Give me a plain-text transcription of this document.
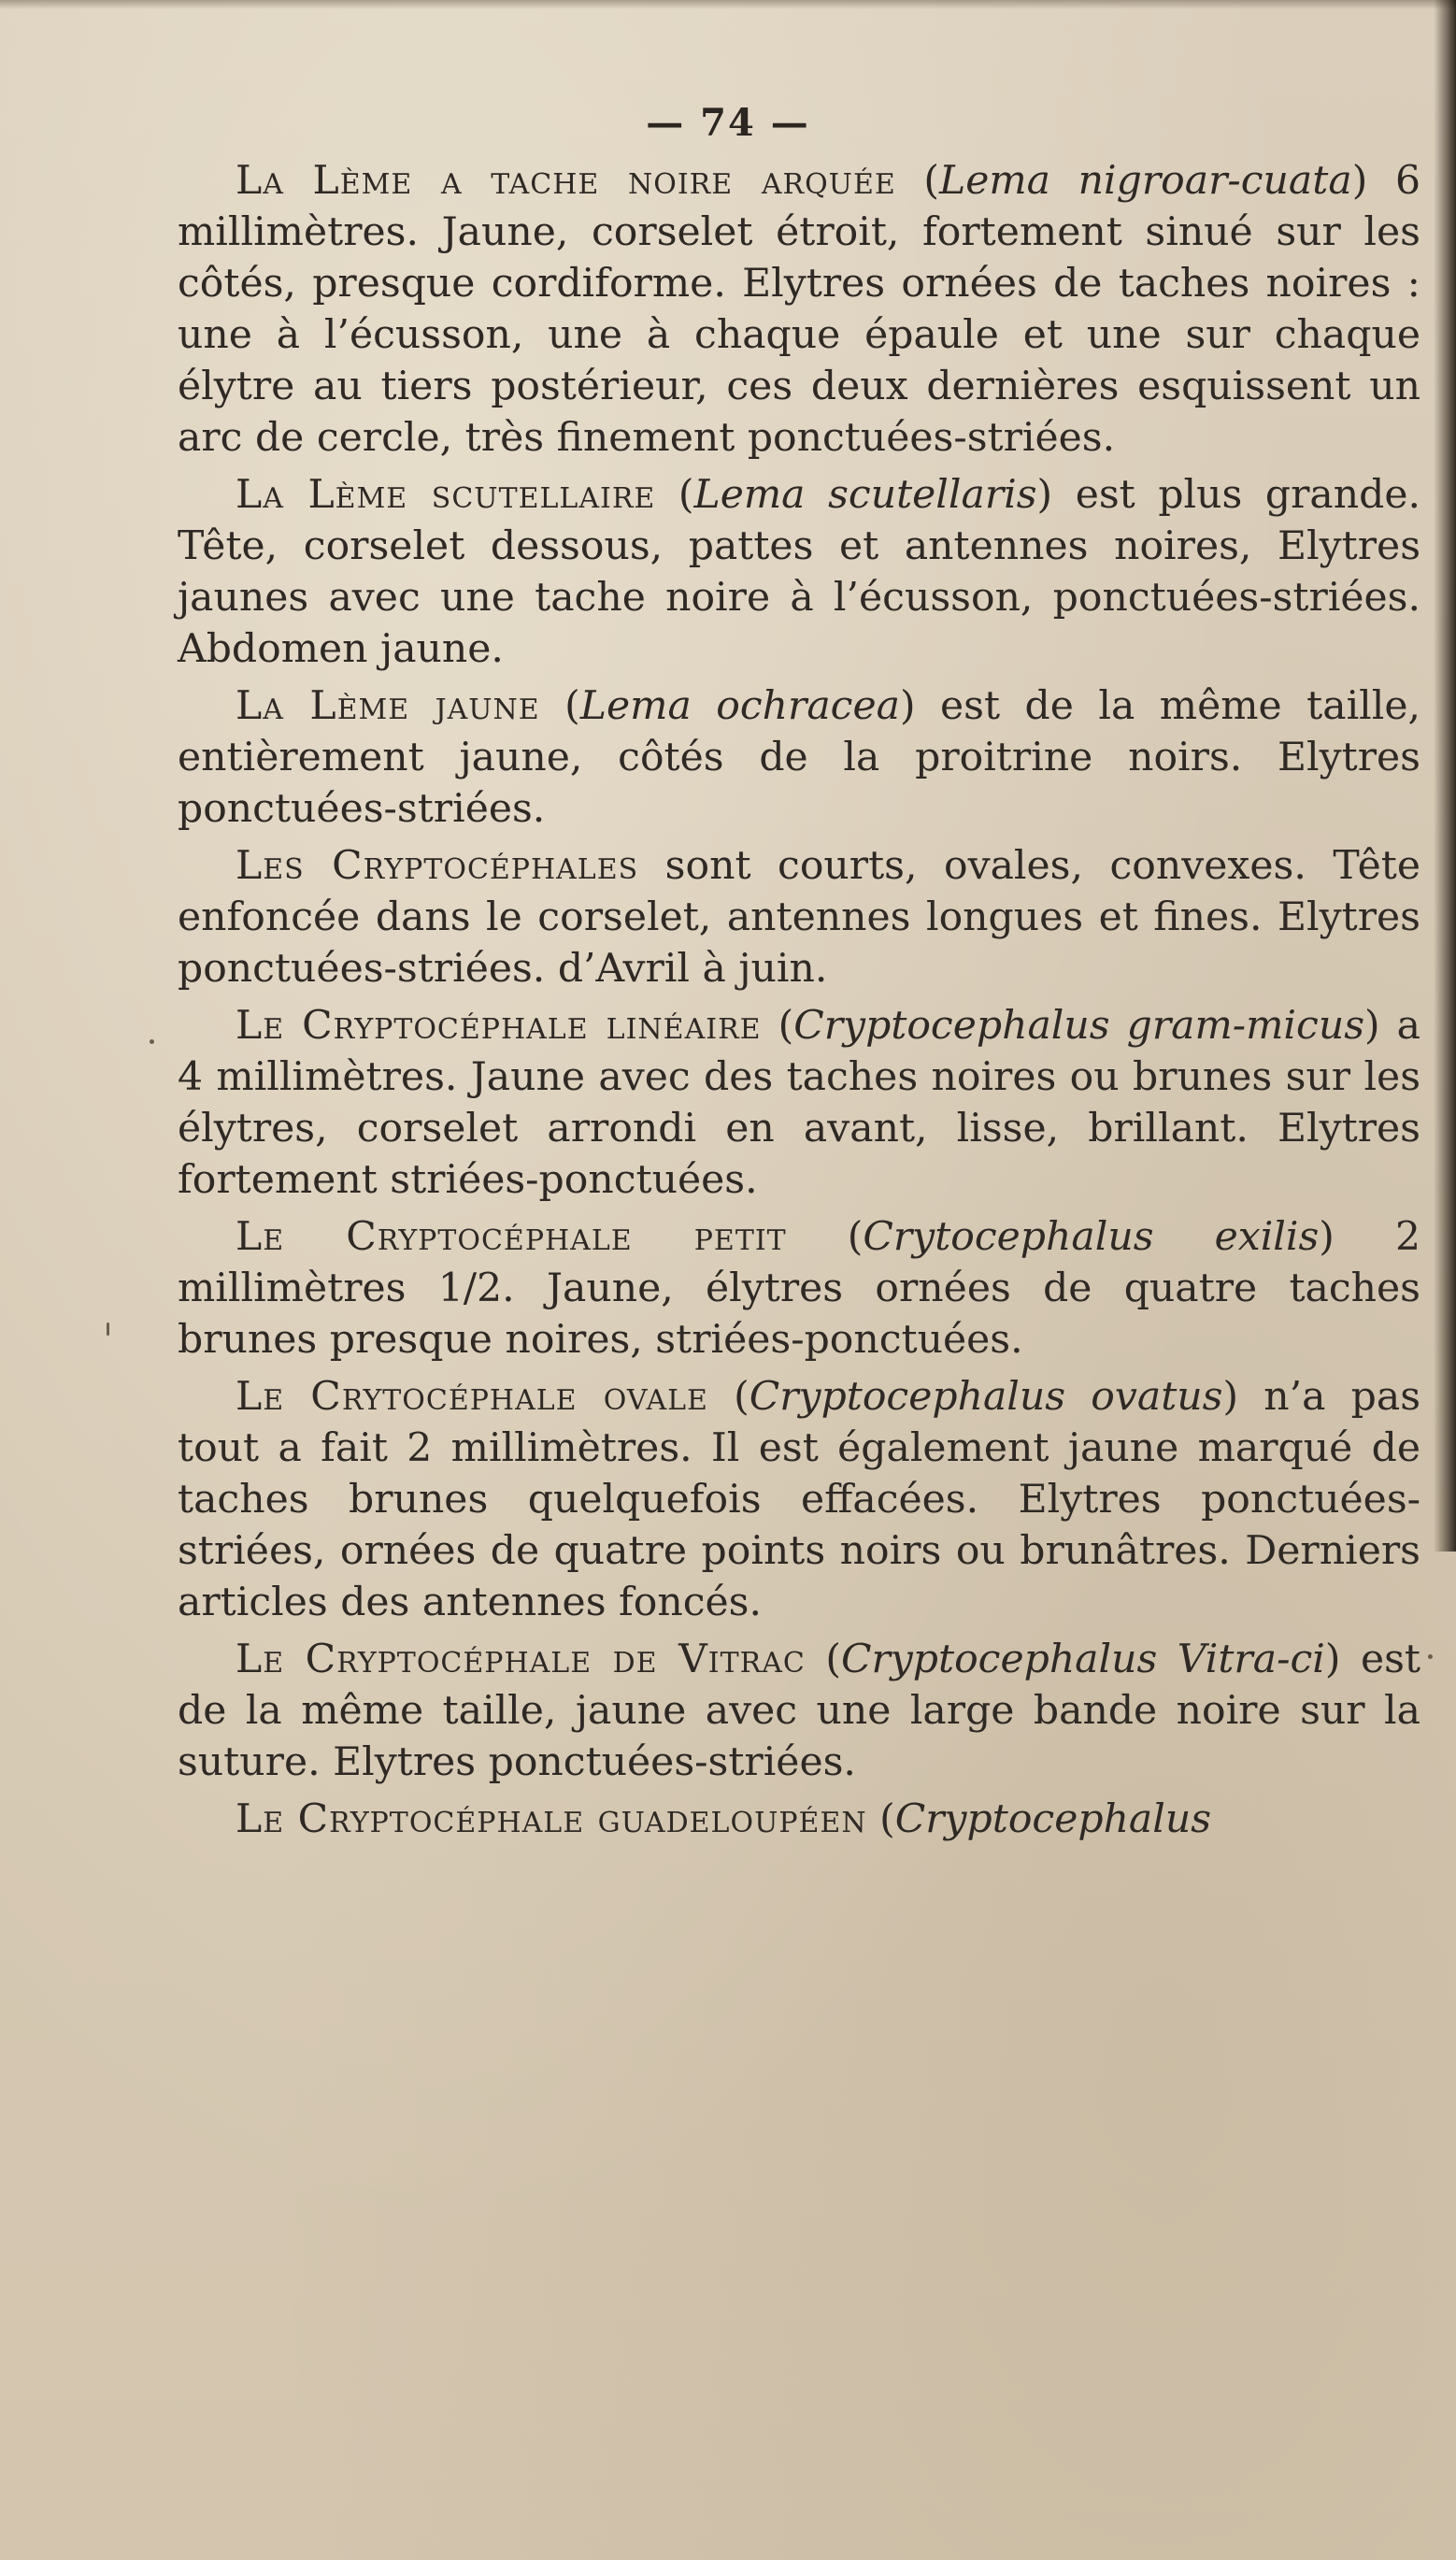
— 74 —

La Lème a tache noire arquée (Lema nigroar-cuata) 6 millimètres. Jaune, corselet étroit, fortement sinué sur les côtés, presque cordiforme. Elytres ornées de taches noires : une à l’écusson, une à chaque épaule et une sur chaque élytre au tiers postérieur, ces deux dernières esquissent un arc de cercle, très finement ponctuées-striées.

La Lème scutellaire (Lema scutellaris) est plus grande. Tête, corselet dessous, pattes et antennes noires, Elytres jaunes avec une tache noire à l’écusson, ponctuées-striées. Abdomen jaune.

La Lème jaune (Lema ochracea) est de la même taille, entièrement jaune, côtés de la proitrine noirs. Elytres ponctuées-striées.

Les Cryptocéphales sont courts, ovales, convexes. Tête enfoncée dans le corselet, antennes longues et fines. Elytres ponctuées-striées. d’Avril à juin.

Le Cryptocéphale linéaire (Cryptocephalus gram-micus) a 4 millimètres. Jaune avec des taches noires ou brunes sur les élytres, corselet arrondi en avant, lisse, brillant. Elytres fortement striées-ponctuées.

Le Cryptocéphale petit (Crytocephalus exilis) 2 millimètres 1/2. Jaune, élytres ornées de quatre taches brunes presque noires, striées-ponctuées.

Le Crytocéphale ovale (Cryptocephalus ovatus) n’a pas tout a fait 2 millimètres. Il est également jaune marqué de taches brunes quelquefois effacées. Elytres ponctuées-striées, ornées de quatre points noirs ou brunâtres. Derniers articles des antennes foncés.

Le Cryptocéphale de Vitrac (Cryptocephalus Vitra-ci) est de la même taille, jaune avec une large bande noire sur la suture. Elytres ponctuées-striées.

Le Cryptocéphale guadeloupéen (Cryptocephalus
